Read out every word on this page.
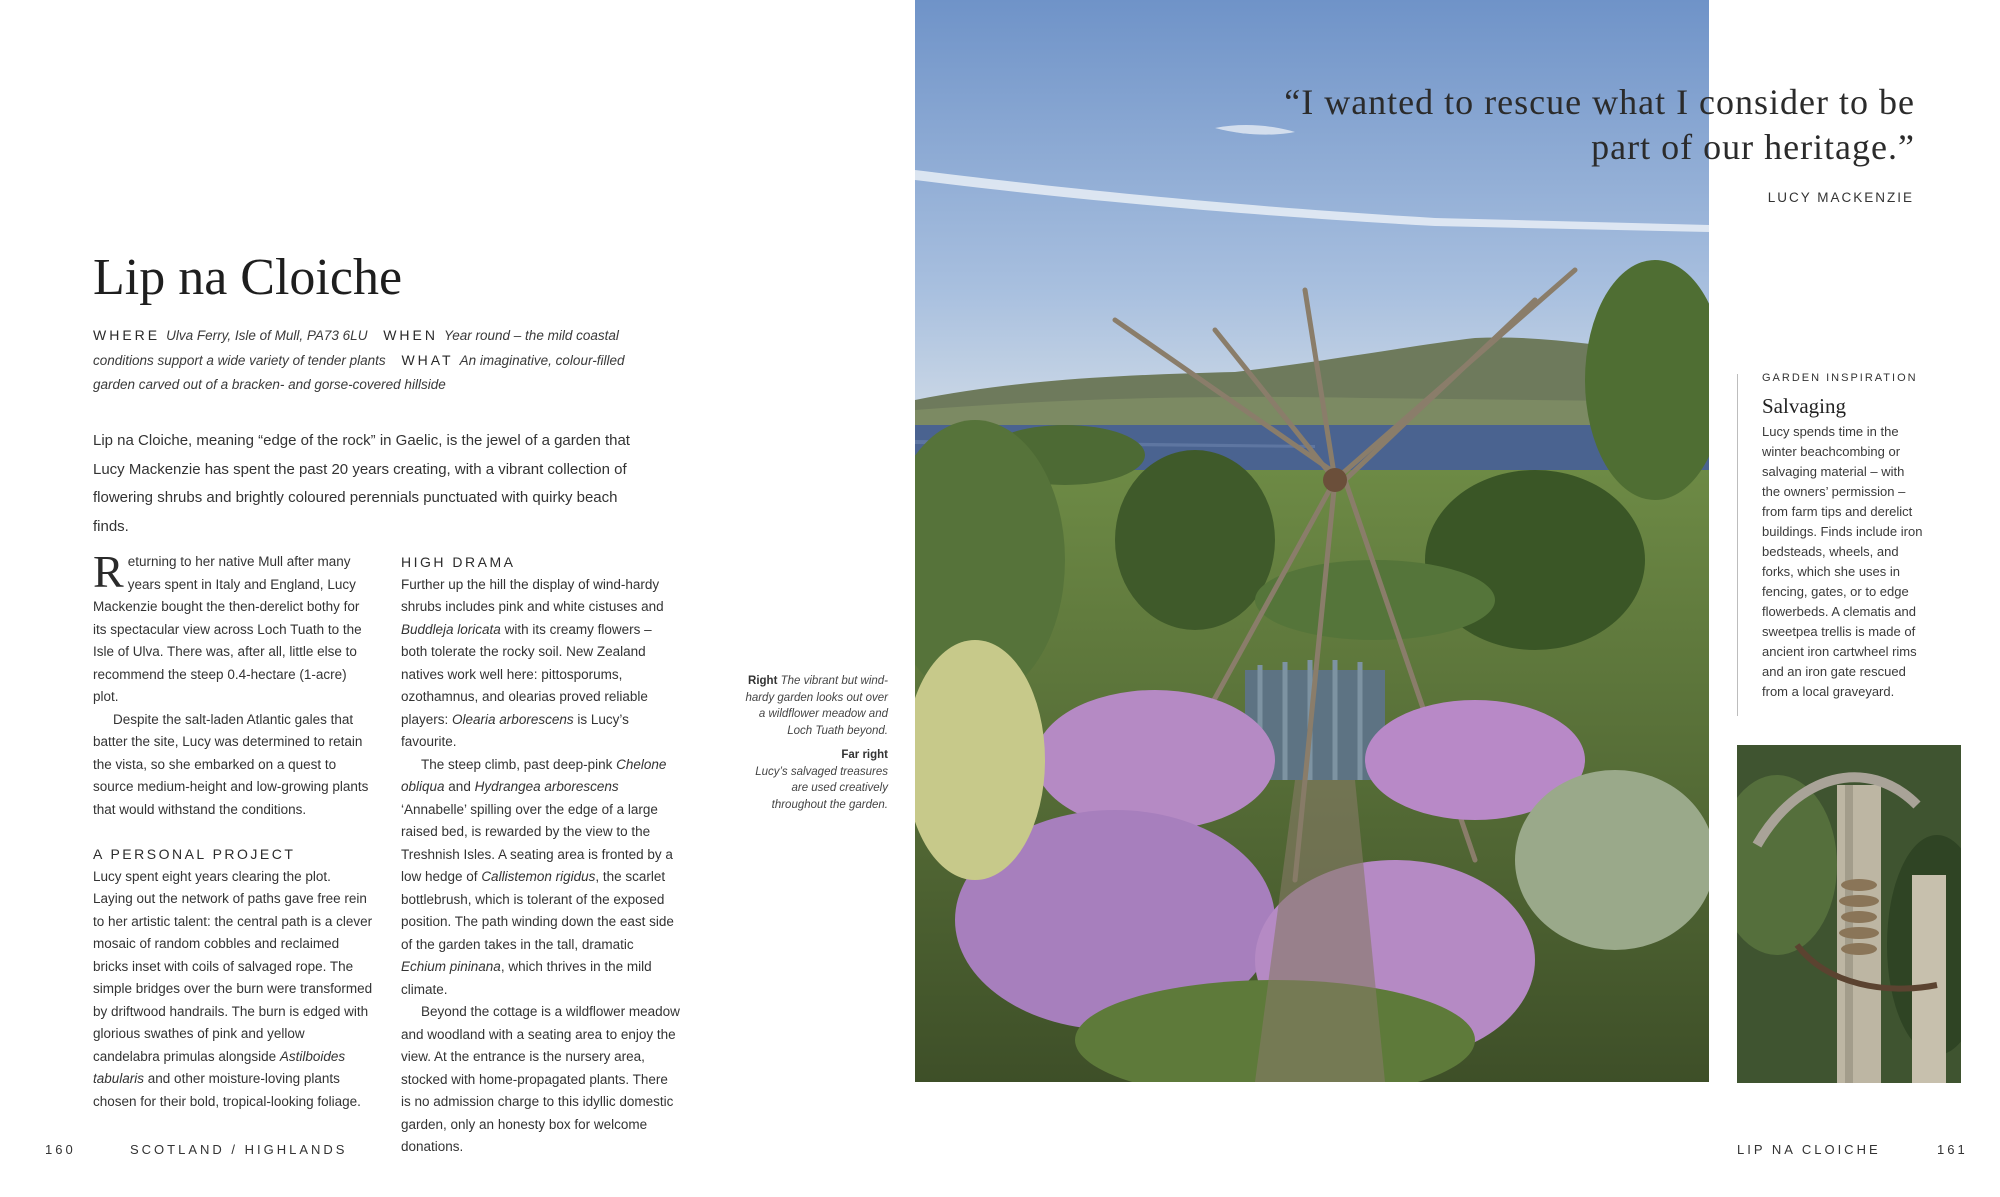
Lip na Cloiche
WHERE Ulva Ferry, Isle of Mull, PA73 6LU WHEN Year round – the mild coastal conditions support a wide variety of tender plants WHAT An imaginative, colour-filled garden carved out of a bracken- and gorse-covered hillside
Lip na Cloiche, meaning “edge of the rock” in Gaelic, is the jewel of a garden that Lucy Mackenzie has spent the past 20 years creating, with a vibrant collection of flowering shrubs and brightly coloured perennials punctuated with quirky beach finds.

Returning to her native Mull after many years spent in Italy and England, Lucy Mackenzie bought the then-derelict bothy for its spectacular view across Loch Tuath to the Isle of Ulva. There was, after all, little else to recommend the steep 0.4-hectare (1-acre) plot.

Despite the salt-laden Atlantic gales that batter the site, Lucy was determined to retain the vista, so she embarked on a quest to source medium-height and low-growing plants that would withstand the conditions.

A PERSONAL PROJECT

Lucy spent eight years clearing the plot. Laying out the network of paths gave free rein to her artistic talent: the central path is a clever mosaic of random cobbles and reclaimed bricks inset with coils of salvaged rope. The simple bridges over the burn were transformed by driftwood handrails. The burn is edged with glorious swathes of pink and yellow candelabra primulas alongside Astilboides tabularis and other moisture-loving plants chosen for their bold, tropical-looking foliage.

HIGH DRAMA

Further up the hill the display of wind-hardy shrubs includes pink and white cistuses and Buddleja loricata with its creamy flowers – both tolerate the rocky soil. New Zealand natives work well here: pittosporums, ozothamnus, and olearias proved reliable players: Olearia arborescens is Lucy’s favourite.

The steep climb, past deep-pink Chelone obliqua and Hydrangea arborescens ‘Annabelle’ spilling over the edge of a large raised bed, is rewarded by the view to the Treshnish Isles. A seating area is fronted by a low hedge of Callistemon rigidus, the scarlet bottlebrush, which is tolerant of the exposed position. The path winding down the east side of the garden takes in the tall, dramatic Echium pininana, which thrives in the mild climate.

Beyond the cottage is a wildflower meadow and woodland with a seating area to enjoy the view. At the entrance is the nursery area, stocked with home-propagated plants. There is no admission charge to this idyllic domestic garden, only an honesty box for welcome donations.

Right The vibrant but wind-hardy garden looks out over a wildflower meadow and Loch Tuath beyond.
Far right
Lucy’s salvaged treasures are used creatively throughout the garden.
160	SCOTLAND / HIGHLANDS

“I wanted to rescue what I consider to be part of our heritage.”

LUCY MACKENZIE
GARDEN INSPIRATION
Salvaging
Lucy spends time in the winter beachcombing or salvaging material – with the owners’ permission – from farm tips and derelict buildings. Finds include iron bedsteads, wheels, and forks, which she uses in fencing, gates, or to edge flowerbeds. A clematis and sweetpea trellis is made of ancient iron cartwheel rims and an iron gate rescued from a local graveyard.
LIP NA CLOICHE	161
